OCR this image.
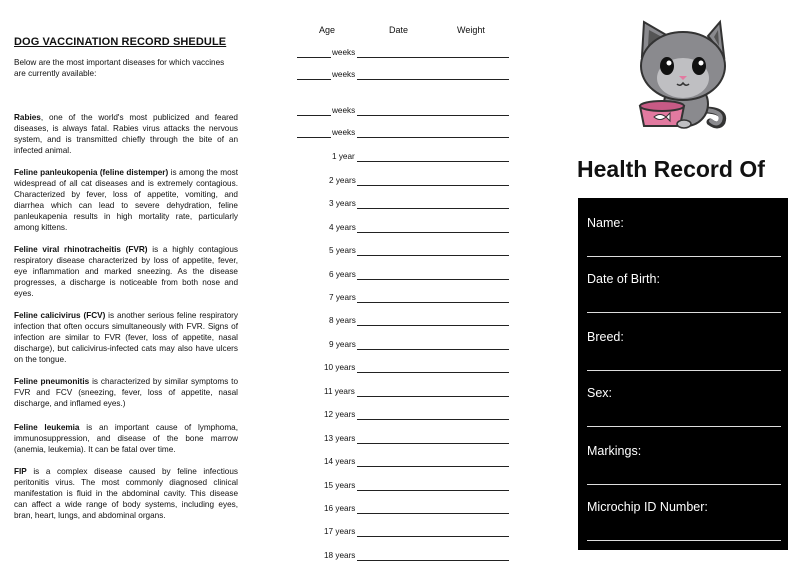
DOG VACCINATION RECORD SHEDULE

Below are the most important diseases for which vaccines are currently available:

Rabies, one of the world's most publicized and feared diseases, is always fatal. Rabies virus attacks the nervous system, and is transmitted chiefly through the bite of an infected animal.

Feline panleukopenia (feline distemper) is among the most widespread of all cat diseases and is extremely contagious. Characterized by fever, loss of appetite, vomiting, and diarrhea which can lead to severe dehydration, feline panleukapenia results in high mortality rate, particularly among kittens.

Feline viral rhinotracheitis (FVR) is a highly contagious respiratory disease characterized by loss of appetite, fever, eye inflammation and marked sneezing. As the disease progresses, a discharge is noticeable from both nose and eyes.

Feline calicivirus (FCV) is another serious feline respiratory infection that often occurs simultaneously with FVR. Signs of infection are similar to FVR (fever, loss of appetite, nasal discharge), but calicivirus-infected cats may also have ulcers on the tongue.

Feline pneumonitis is characterized by similar symptoms to FVR and FCV (sneezing, fever, loss of appetite, nasal discharge, and inflamed eyes.)

Feline leukemia is an important cause of lymphoma, immunosuppression, and disease of the bone marrow (anemia, leukemia). It can be fatal over time.

FIP is a complex disease caused by feline infectious peritonitis virus. The most commonly diagnosed clinical manifestation is fluid in the abdominal cavity. This disease can affect a wide range of body systems, including eyes, bran, heart, lungs, and abdominal organs.

Age	Date	Weight
weeks
weeks
weeks
weeks
1 year
2 years
3 years
4 years
5 years
6 years
7 years
8 years
9 years
10 years
11 years
12 years
13 years
14 years
15 years
16 years
17 years
18 years
Health Record Of
Name:
Date of Birth:
Breed:
Sex:
Markings:
Microchip ID Number:
